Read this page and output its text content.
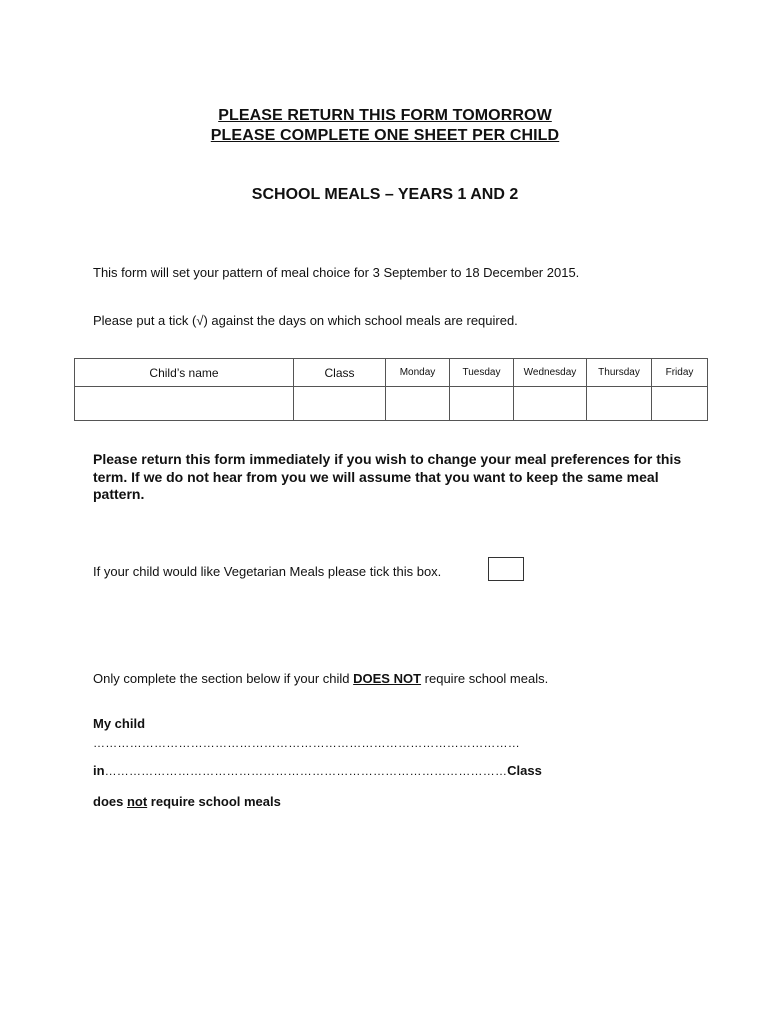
PLEASE RETURN THIS FORM TOMORROW
PLEASE COMPLETE ONE SHEET PER CHILD
SCHOOL MEALS – YEARS 1 AND 2
This form will set your pattern of meal choice for 3 September to 18 December 2015.
Please put a tick (√) against the days on which school meals are required.
Child’s name	Class	Monday	Tuesday	Wednesday	Thursday	Friday

Please return this form immediately if you wish to change your meal preferences for this term. If we do not hear from you we will assume that you want to keep the same meal pattern.
If your child would like Vegetarian Meals please tick this box.
Only complete the section below if your child DOES NOT require school meals.
My child
……………………………………………………………………………………………
in………………………………………………………………………………………Class
does not require school meals
